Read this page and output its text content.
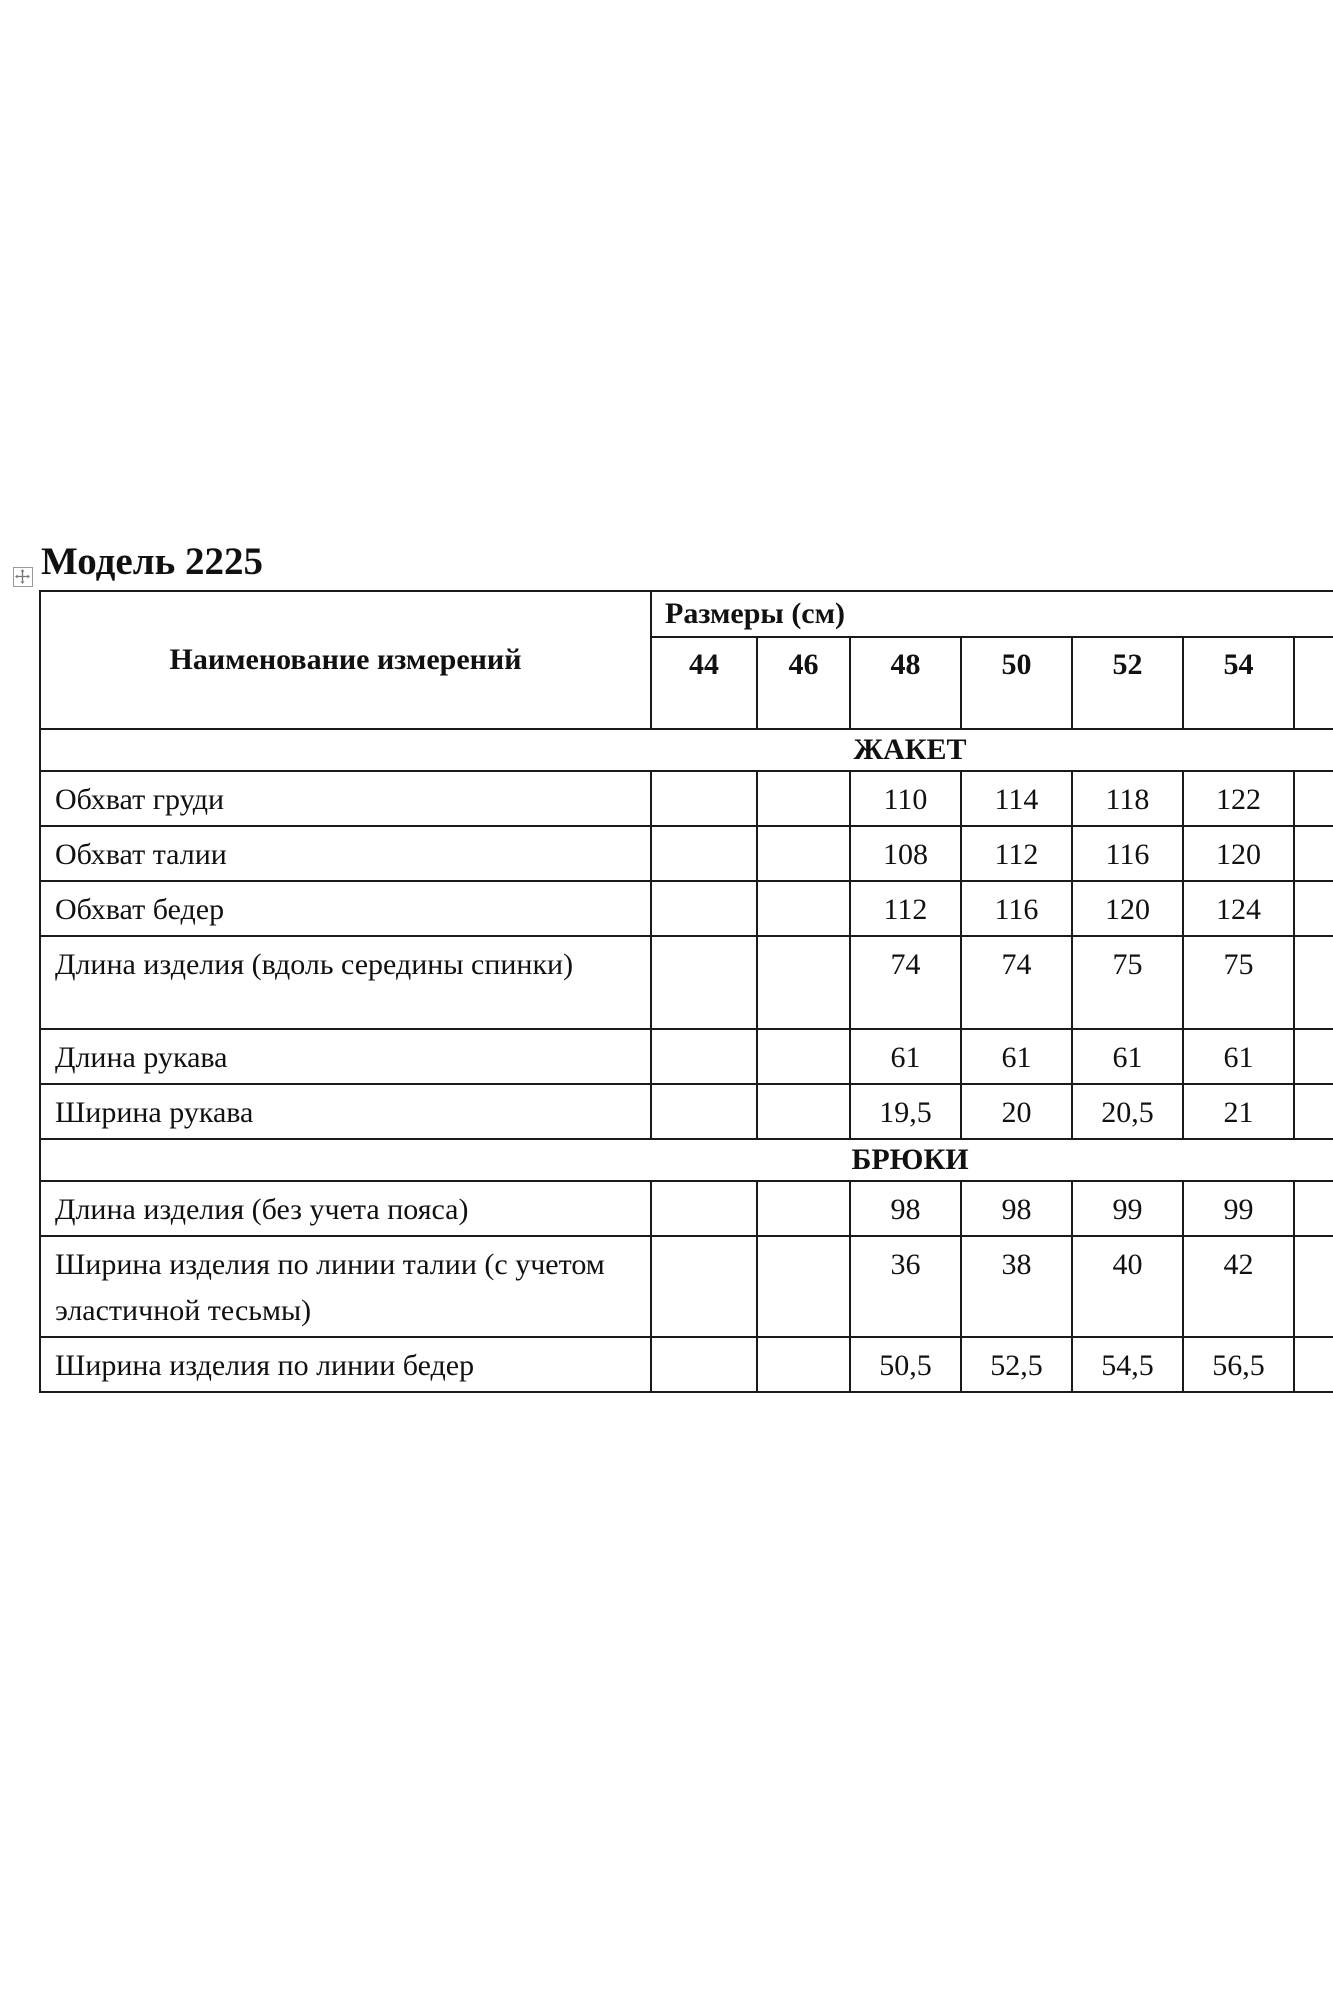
Модель 2225
Наименование измерений	Размеры (см)						
	44	46	48	50	52	54	
ЖАКЕТ							
Обхват груди			110	114	118	122	
Обхват талии			108	112	116	120	
Обхват бедер			112	116	120	124	
Длина изделия (вдоль середины спинки)			74	74	75	75	
Длина рукава			61	61	61	61	
Ширина рукава			19,5	20	20,5	21	
БРЮКИ							
Длина изделия (без учета пояса)			98	98	99	99	
Ширина изделия по линии талии (с учетом эластичной тесьмы)			36	38	40	42	
Ширина изделия по линии бедер			50,5	52,5	54,5	56,5	
